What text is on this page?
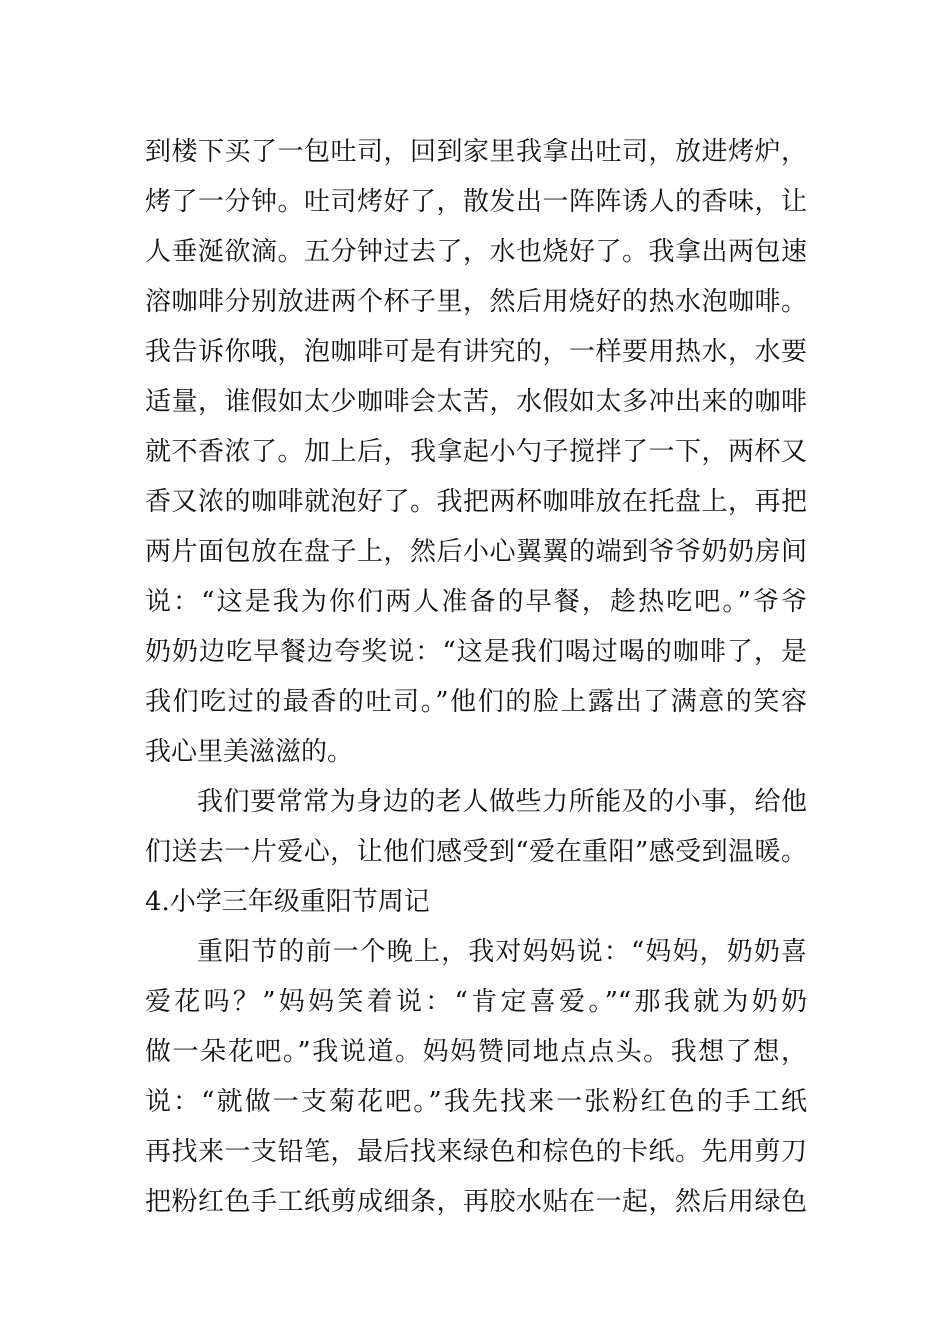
到楼下买了一包吐司，回到家里我拿出吐司，放进烤炉，
烤了一分钟。吐司烤好了，散发出一阵阵诱人的香味，让
人垂涎欲滴。五分钟过去了，水也烧好了。我拿出两包速
溶咖啡分别放进两个杯子里，然后用烧好的热水泡咖啡。
我告诉你哦，泡咖啡可是有讲究的，一样要用热水，水要
适量，谁假如太少咖啡会太苦，水假如太多冲出来的咖啡
就不香浓了。加上后，我拿起小勺子搅拌了一下，两杯又
香又浓的咖啡就泡好了。我把两杯咖啡放在托盘上，再把
两片面包放在盘子上，然后小心翼翼的端到爷爷奶奶房间
说：“这是我为你们两人准备的早餐，趁热吃吧。”爷爷
奶奶边吃早餐边夸奖说：“这是我们喝过喝的咖啡了，是
我们吃过的最香的吐司。”他们的脸上露出了满意的笑容
我心里美滋滋的。
我们要常常为身边的老人做些力所能及的小事，给他
们送去一片爱心，让他们感受到“爱在重阳”感受到温暖。
4.小学三年级重阳节周记
重阳节的前一个晚上，我对妈妈说：“妈妈，奶奶喜
爱花吗？”妈妈笑着说：“肯定喜爱。”“那我就为奶奶
做一朵花吧。”我说道。妈妈赞同地点点头。我想了想，
说：“就做一支菊花吧。”我先找来一张粉红色的手工纸
再找来一支铅笔，最后找来绿色和棕色的卡纸。先用剪刀
把粉红色手工纸剪成细条，再胶水贴在一起，然后用绿色
